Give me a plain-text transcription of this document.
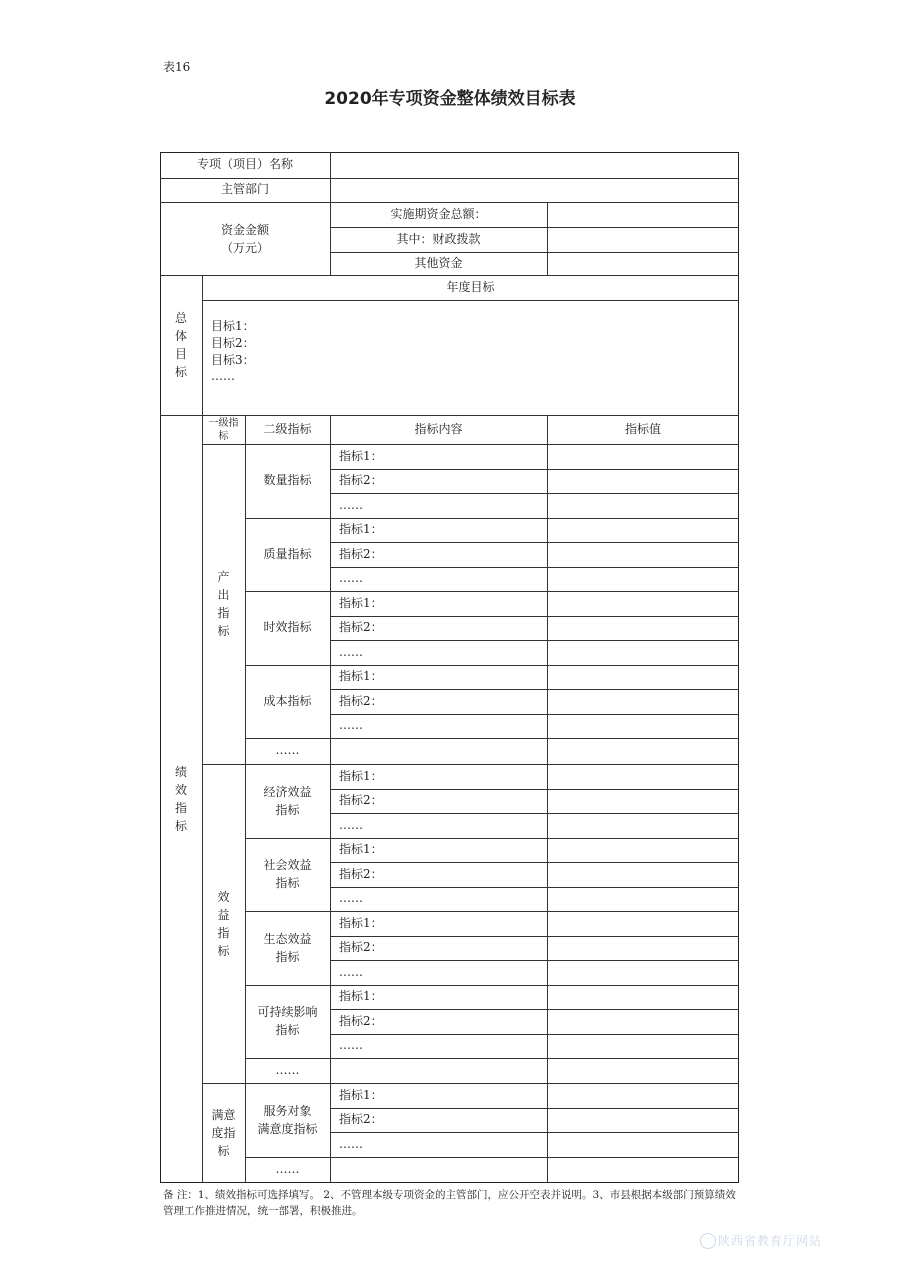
表16
2020年专项资金整体绩效目标表
专项（项目）名称
主管部门
资金金额
（万元）
实施期资金总额：
其中：财政拨款
其他资金
总
体
目
标
年度目标
目标1：
目标2：
目标3：
……
绩
效
指
标
一级指标
二级指标	指标内容	指标值
数量指标
指标1：
指标2：
……
质量指标
指标1：
指标2：
……
时效指标
指标1：
指标2：
……
成本指标
指标1：
指标2：
……
……
产
出
指
标
经济效益
指标
指标1：
指标2：
……
社会效益
指标
指标1：
指标2：
……
生态效益
指标
指标1：
指标2：
……
可持续影响
指标
指标1：
指标2：
……
……
效
益
指
标
服务对象
满意度指标
指标1：
指标2：
……
……
满意
度指
标
备 注：1、绩效指标可选择填写。 2、不管理本级专项资金的主管部门，应公开空表并说明。3、市县根据本级部门预算绩效管理工作推进情况，统一部署，积极推进。
陕西省教育厅网站
